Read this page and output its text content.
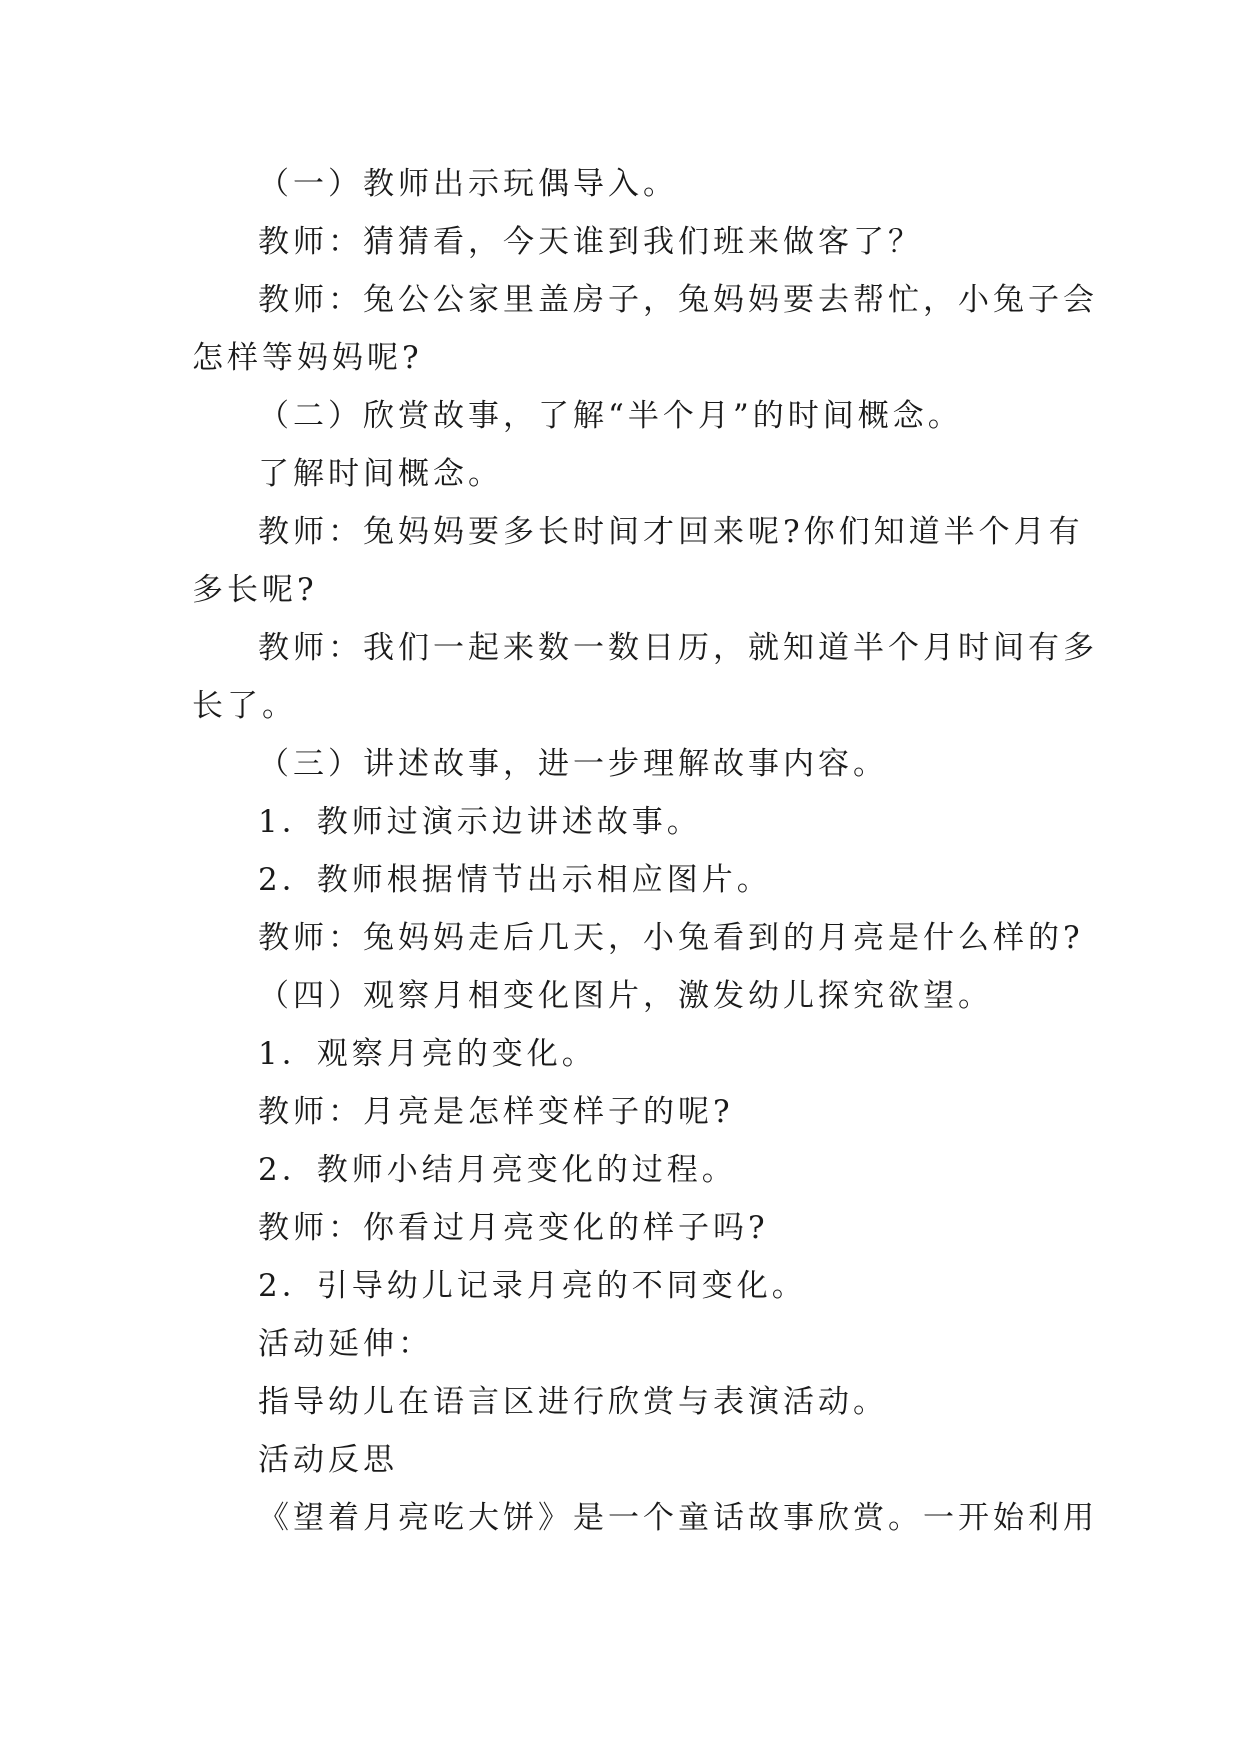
（一）教师出示玩偶导入。
教师：猜猜看，今天谁到我们班来做客了？
教师：兔公公家里盖房子，兔妈妈要去帮忙，小兔子会
怎样等妈妈呢?
（二）欣赏故事，了解“半个月”的时间概念。
了解时间概念。
教师：兔妈妈要多长时间才回来呢?你们知道半个月有
多长呢?
教师：我们一起来数一数日历，就知道半个月时间有多
长了。
（三）讲述故事，进一步理解故事内容。
1．教师过演示边讲述故事。
2．教师根据情节出示相应图片。
教师：兔妈妈走后几天，小兔看到的月亮是什么样的?
（四）观察月相变化图片，激发幼儿探究欲望。
1．观察月亮的变化。
教师：月亮是怎样变样子的呢?
2．教师小结月亮变化的过程。
教师：你看过月亮变化的样子吗?
2．引导幼儿记录月亮的不同变化。
活动延伸：
指导幼儿在语言区进行欣赏与表演活动。
活动反思
《望着月亮吃大饼》是一个童话故事欣赏。一开始利用
